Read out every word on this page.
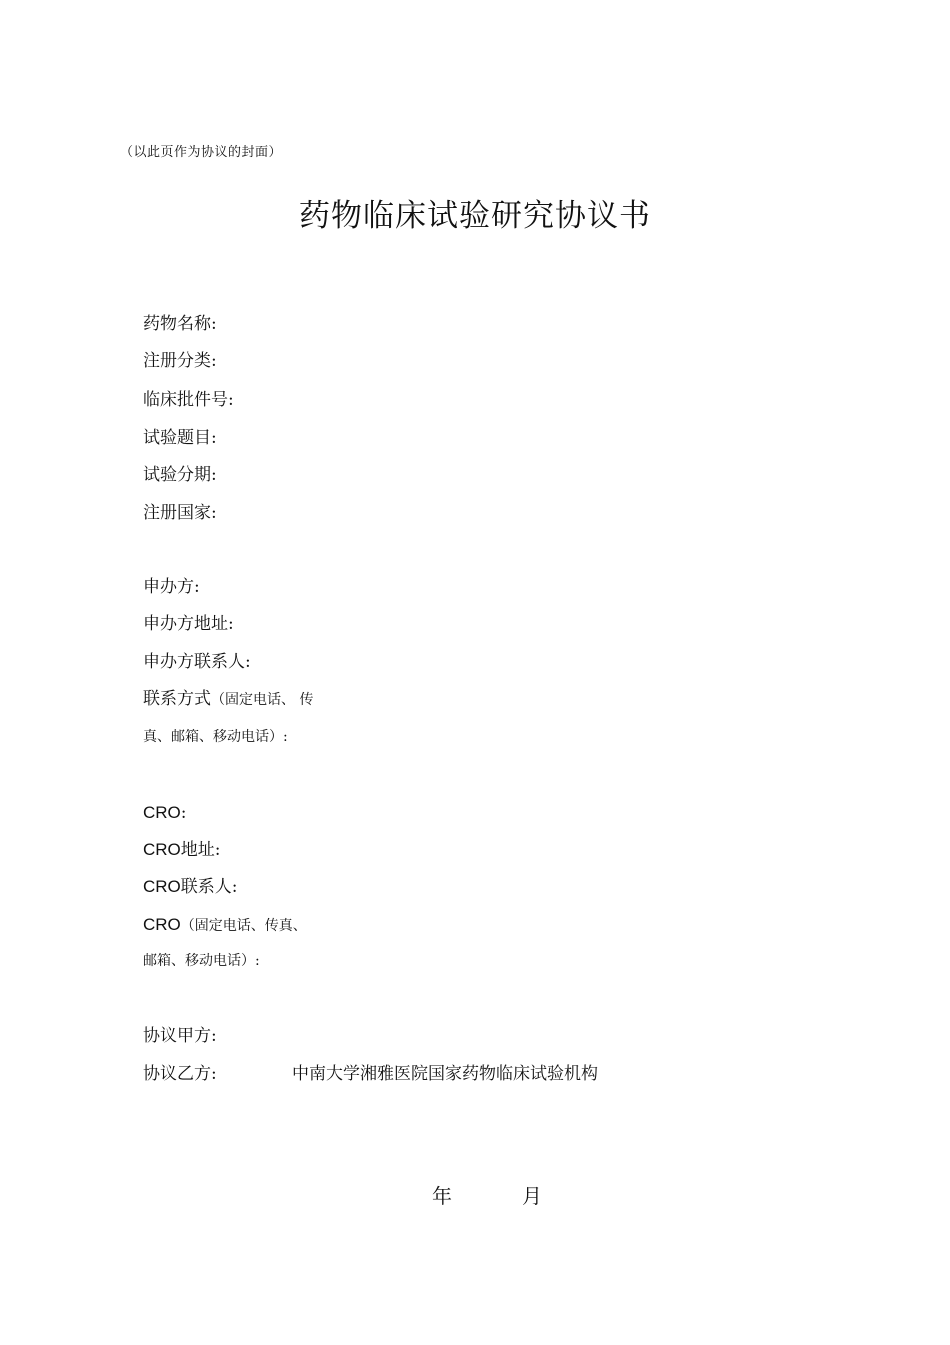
（以此页作为协议的封面）
药物临床试验研究协议书
药物名称:
注册分类:
临床批件号:
试验题目:
试验分期:
注册国家:
申办方:
申办方地址:
申办方联系人:
联系方式（固定电话、 传
真、邮箱、移动电话）:
CRO:
CRO地址:
CRO联系人:
CRO（固定电话、传真、
邮箱、移动电话）:
协议甲方:
协议乙方:	中南大学湘雅医院国家药物临床试验机构
年	月
